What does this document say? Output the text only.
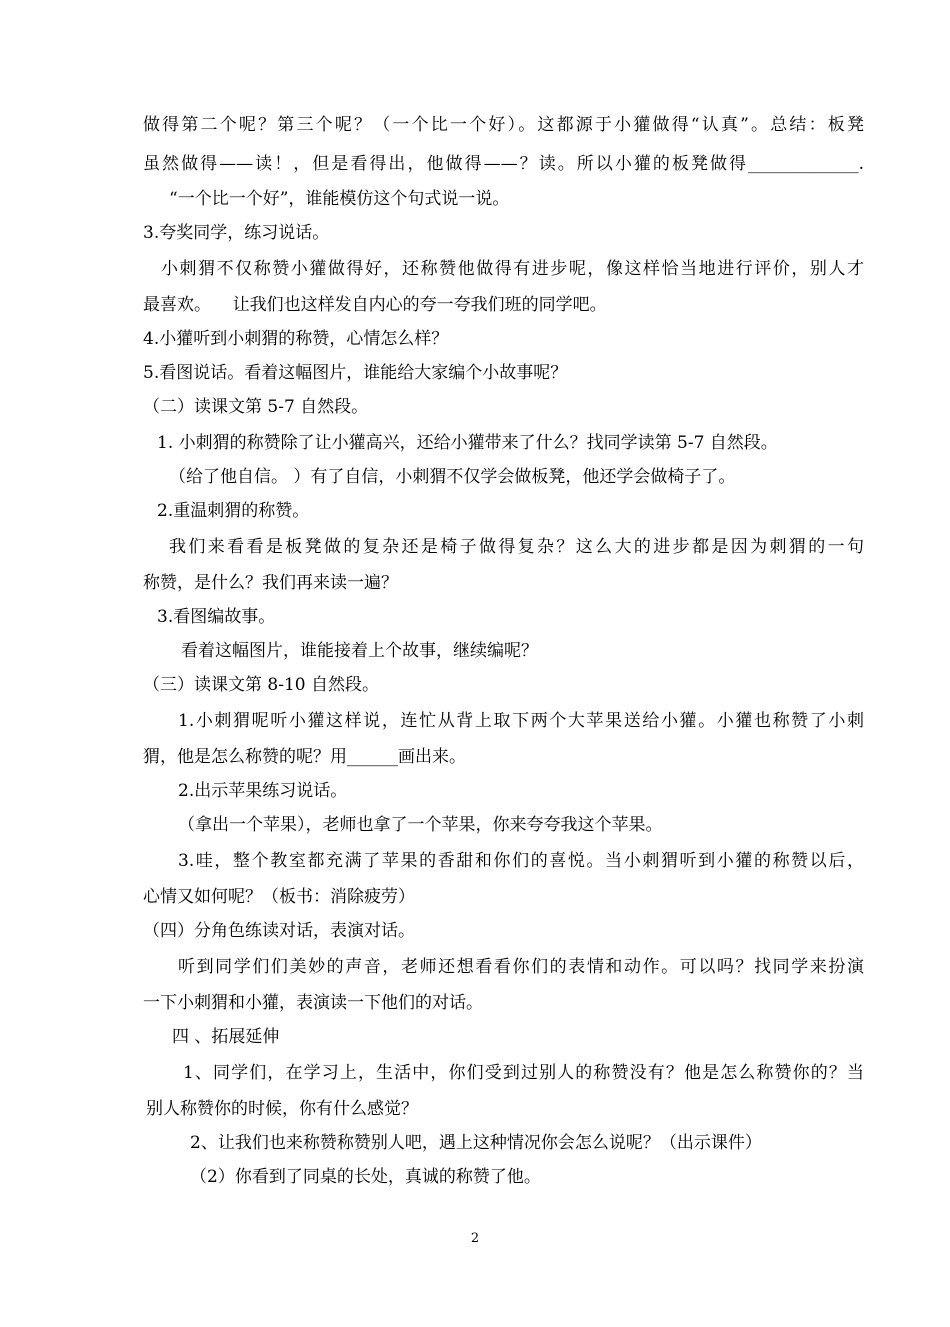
做得第二个呢？第三个呢？（一个比一个好）。这都源于小獾做得“认真”。总结：板凳
虽然做得——读！，但是看得出，他做得——？读。所以小獾的板凳做得_____________.
“一个比一个好”，谁能模仿这个句式说一说。
3.夸奖同学，练习说话。
小刺猬不仅称赞小獾做得好，还称赞他做得有进步呢，像这样恰当地进行评价，别人才
最喜欢。    让我们也这样发自内心的夸一夸我们班的同学吧。
4.小獾听到小刺猬的称赞，心情怎么样？
5.看图说话。看着这幅图片，谁能给大家编个小故事呢？
（二）读课文第 5-7 自然段。
1. 小刺猬的称赞除了让小獾高兴，还给小獾带来了什么？找同学读第 5-7 自然段。
（给了他自信。 ）有了自信，小刺猬不仅学会做板凳，他还学会做椅子了。
2.重温刺猬的称赞。
我们来看看是板凳做的复杂还是椅子做得复杂？这么大的进步都是因为刺猬的一句
称赞，是什么？我们再来读一遍？
3.看图编故事。
看着这幅图片，谁能接着上个故事，继续编呢？
（三）读课文第 8-10 自然段。
1.小刺猬呢听小獾这样说，连忙从背上取下两个大苹果送给小獾。小獾也称赞了小刺
猬，他是怎么称赞的呢？用______画出来。
2.出示苹果练习说话。
（拿出一个苹果），老师也拿了一个苹果，你来夸夸我这个苹果。
3.哇，整个教室都充满了苹果的香甜和你们的喜悦。当小刺猬听到小獾的称赞以后，
心情又如何呢？（板书：消除疲劳）
（四）分角色练读对话，表演对话。
听到同学们们美妙的声音，老师还想看看你们的表情和动作。可以吗？找同学来扮演
一下小刺猬和小獾，表演读一下他们的对话。
四 、拓展延伸
1、同学们，在学习上，生活中，你们受到过别人的称赞没有？他是怎么称赞你的？当
别人称赞你的时候，你有什么感觉？
2、让我们也来称赞称赞别人吧，遇上这种情况你会怎么说呢？（出示课件）
（2）你看到了同桌的长处，真诚的称赞了他。
2
